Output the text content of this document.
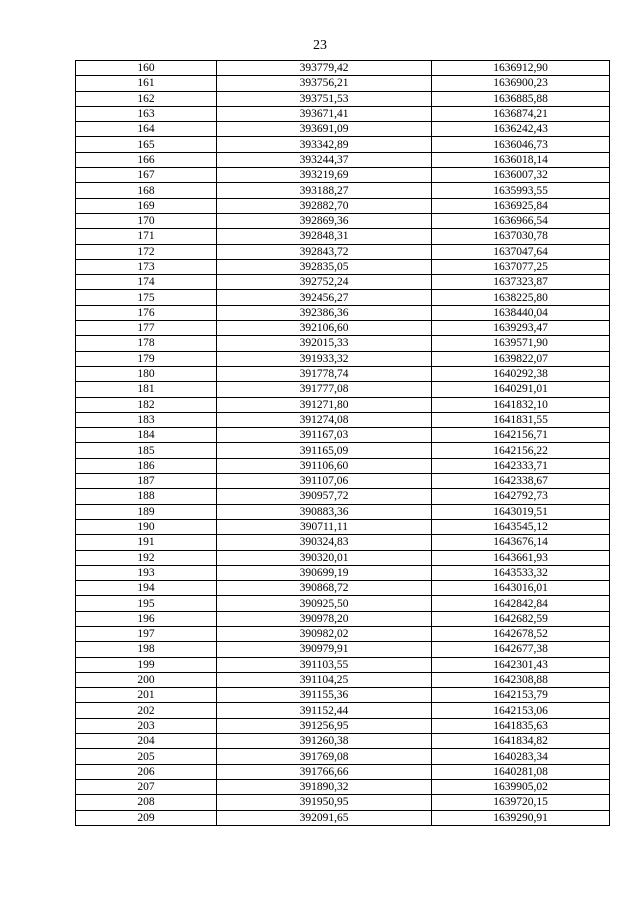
23
160	393779,42	1636912,90
161	393756,21	1636900,23
162	393751,53	1636885,88
163	393671,41	1636874,21
164	393691,09	1636242,43
165	393342,89	1636046,73
166	393244,37	1636018,14
167	393219,69	1636007,32
168	393188,27	1635993,55
169	392882,70	1636925,84
170	392869,36	1636966,54
171	392848,31	1637030,78
172	392843,72	1637047,64
173	392835,05	1637077,25
174	392752,24	1637323,87
175	392456,27	1638225,80
176	392386,36	1638440,04
177	392106,60	1639293,47
178	392015,33	1639571,90
179	391933,32	1639822,07
180	391778,74	1640292,38
181	391777,08	1640291,01
182	391271,80	1641832,10
183	391274,08	1641831,55
184	391167,03	1642156,71
185	391165,09	1642156,22
186	391106,60	1642333,71
187	391107,06	1642338,67
188	390957,72	1642792,73
189	390883,36	1643019,51
190	390711,11	1643545,12
191	390324,83	1643676,14
192	390320,01	1643661,93
193	390699,19	1643533,32
194	390868,72	1643016,01
195	390925,50	1642842,84
196	390978,20	1642682,59
197	390982,02	1642678,52
198	390979,91	1642677,38
199	391103,55	1642301,43
200	391104,25	1642308,88
201	391155,36	1642153,79
202	391152,44	1642153,06
203	391256,95	1641835,63
204	391260,38	1641834,82
205	391769,08	1640283,34
206	391766,66	1640281,08
207	391890,32	1639905,02
208	391950,95	1639720,15
209	392091,65	1639290,91
